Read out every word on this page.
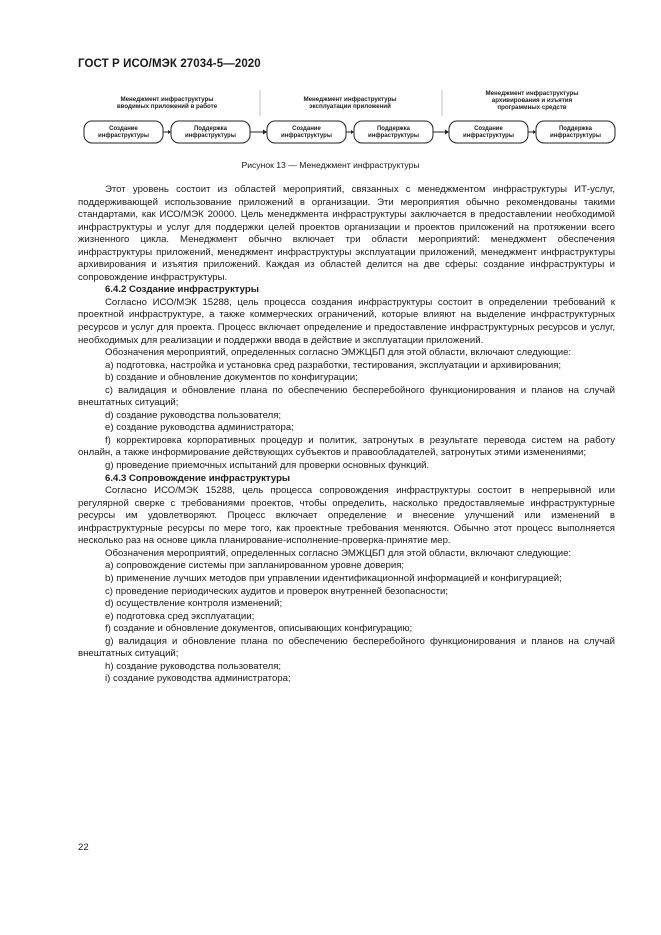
ГОСТ Р ИСО/МЭК 27034-5—2020
Менеджмент инфраструктуры
вводимых приложений в работе
Создание
инфраструктуры
Поддержка
инфраструктуры
Менеджмент инфраструктуры
эксплуатации приложений
Создание
инфраструктуры
Поддержка
инфраструктуры
Менеджмент инфраструктуры
архивирования и изъятия
программных средств
Создание
инфраструктуры
Поддержка
инфраструктуры
Рисунок 13 — Менеджмент инфраструктуры

Этот уровень состоит из областей мероприятий, связанных с менеджментом инфраструктуры ИТ-услуг, поддерживающей использование приложений в организации. Эти мероприятия обычно рекомендованы такими стандартами, как ИСО/МЭК 20000. Цель менеджмента инфраструктуры заключается в предоставлении необходимой инфраструктуры и услуг для поддержки целей проектов организации и проектов приложений на протяжении всего жизненного цикла. Менеджмент обычно включает три области мероприятий: менеджмент обеспечения инфраструктуры приложений, менеджмент инфраструктуры эксплуатации приложений, менеджмент инфраструктуры архивирования и изъятия приложений. Каждая из областей делится на две сферы: создание инфраструктуры и сопровождение инфраструктуры.

6.4.2 Создание инфраструктуры

Согласно ИСО/МЭК 15288, цель процесса создания инфраструктуры состоит в определении требований к проектной инфраструктуре, а также коммерческих ограничений, которые влияют на выделение инфраструктурных ресурсов и услуг для проекта. Процесс включает определение и предоставление инфраструктурных ресурсов и услуг, необходимых для реализации и поддержки ввода в действие и эксплуатации приложений.

Обозначения мероприятий, определенных согласно ЭМЖЦБП для этой области, включают следующие:

a) подготовка, настройка и установка сред разработки, тестирования, эксплуатации и архивирования;

b) создание и обновление документов по конфигурации;

c) валидация и обновление плана по обеспечению бесперебойного функционирования и планов на случай внештатных ситуаций;

d) создание руководства пользователя;

e) создание руководства администратора;

f) корректировка корпоративных процедур и политик, затронутых в результате перевода систем на работу онлайн, а также информирование действующих субъектов и правообладателей, затронутых этими изменениями;

g) проведение приемочных испытаний для проверки основных функций.

6.4.3 Сопровождение инфраструктуры

Согласно ИСО/МЭК 15288, цель процесса сопровождения инфраструктуры состоит в непрерывной или регулярной сверке с требованиями проектов, чтобы определить, насколько предоставляемые инфраструктурные ресурсы им удовлетворяют. Процесс включает определение и внесение улучшений или изменений в инфраструктурные ресурсы по мере того, как проектные требования меняются. Обычно этот процесс выполняется несколько раз на основе цикла планирование-исполнение-проверка-принятие мер.

Обозначения мероприятий, определенных согласно ЭМЖЦБП для этой области, включают следующие:

a) сопровождение системы при запланированном уровне доверия;

b) применение лучших методов при управлении идентификационной информацией и конфигурацией;

c) проведение периодических аудитов и проверок внутренней безопасности;

d) осуществление контроля изменений;

e) подготовка сред эксплуатации;

f) создание и обновление документов, описывающих конфигурацию;

g) валидация и обновление плана по обеспечению бесперебойного функционирования и планов на случай внештатных ситуаций;

h) создание руководства пользователя;

i) создание руководства администратора;

22
